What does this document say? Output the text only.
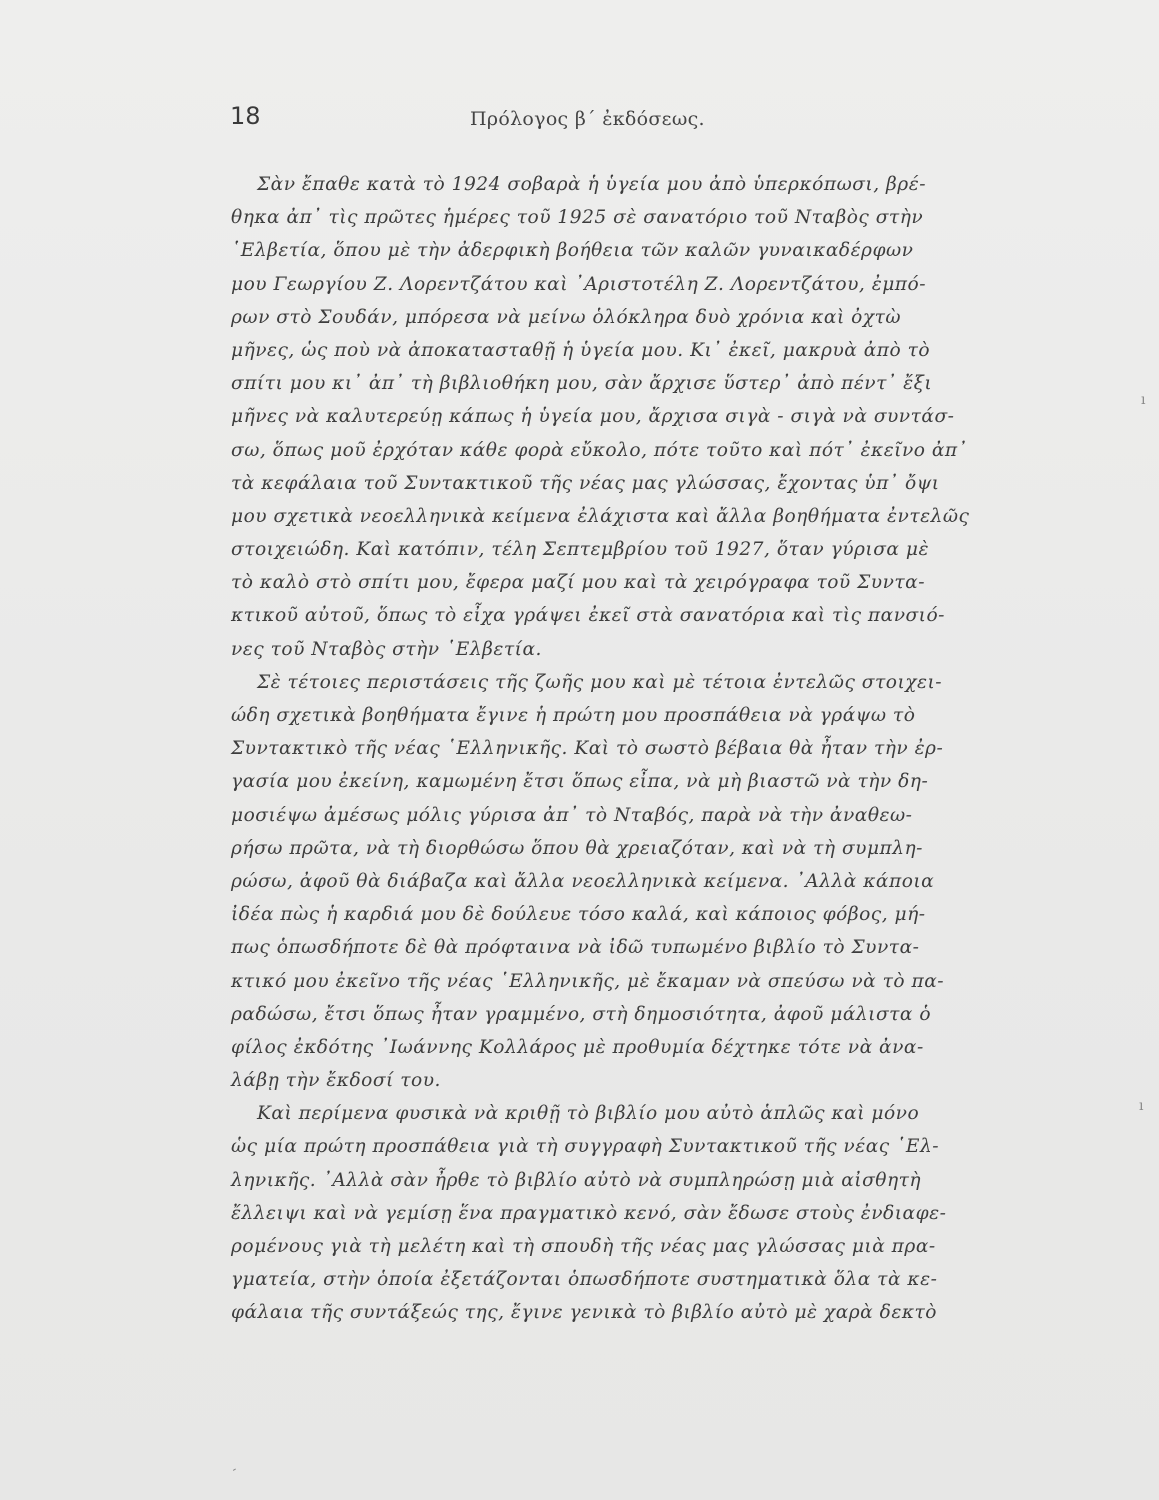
18	Πρόλογος β΄ ἐκδόσεως.
Σὰν ἔπαθε κατὰ τὸ 1924 σοβαρὰ ἡ ὑγεία μου ἀπὸ ὑπερκόπωσι, βρέ-
θηκα ἀπ᾿ τὶς πρῶτες ἡμέρες τοῦ 1925 σὲ σανατόριο τοῦ Νταβὸς στὴν
῾Ελβετία, ὅπου μὲ τὴν ἀδερφικὴ βοήθεια τῶν καλῶν γυναικαδέρφων
μου Γεωργίου Ζ. Λορεντζάτου καὶ ᾿Αριστοτέλη Ζ. Λορεντζάτου, ἐμπό-
ρων στὸ Σουδάν, μπόρεσα νὰ μείνω ὁλόκληρα δυὸ χρόνια καὶ ὀχτὼ
μῆνες, ὡς ποὺ νὰ ἀποκατασταθῇ ἡ ὑγεία μου. Κι᾿ ἐκεῖ, μακρυὰ ἀπὸ τὸ
σπίτι μου κι᾿ ἀπ᾿ τὴ βιβλιοθήκη μου, σὰν ἄρχισε ὕστερ᾿ ἀπὸ πέντ᾿ ἔξι
μῆνες νὰ καλυτερεύῃ κάπως ἡ ὑγεία μου, ἄρχισα σιγὰ - σιγὰ νὰ συντάσ-
σω, ὅπως μοῦ ἐρχόταν κάθε φορὰ εὔκολο, πότε τοῦτο καὶ πότ᾿ ἐκεῖνο ἀπ᾿
τὰ κεφάλαια τοῦ Συντακτικοῦ τῆς νέας μας γλώσσας, ἔχοντας ὑπ᾿ ὄψι
μου σχετικὰ νεοελληνικὰ κείμενα ἐλάχιστα καὶ ἄλλα βοηθήματα ἐντελῶς
στοιχειώδη. Καὶ κατόπιν, τέλη Σεπτεμβρίου τοῦ 1927, ὅταν γύρισα μὲ
τὸ καλὸ στὸ σπίτι μου, ἔφερα μαζί μου καὶ τὰ χειρόγραφα τοῦ Συντα-
κτικοῦ αὐτοῦ, ὅπως τὸ εἶχα γράψει ἐκεῖ στὰ σανατόρια καὶ τὶς πανσιό-
νες τοῦ Νταβὸς στὴν ῾Ελβετία.
Σὲ τέτοιες περιστάσεις τῆς ζωῆς μου καὶ μὲ τέτοια ἐντελῶς στοιχει-
ώδη σχετικὰ βοηθήματα ἔγινε ἡ πρώτη μου προσπάθεια νὰ γράψω τὸ
Συντακτικὸ τῆς νέας ῾Ελληνικῆς. Καὶ τὸ σωστὸ βέβαια θὰ ἦταν τὴν ἐρ-
γασία μου ἐκείνη, καμωμένη ἔτσι ὅπως εἶπα, νὰ μὴ βιαστῶ νὰ τὴν δη-
μοσιέψω ἀμέσως μόλις γύρισα ἀπ᾿ τὸ Νταβός, παρὰ νὰ τὴν ἀναθεω-
ρήσω πρῶτα, νὰ τὴ διορθώσω ὅπου θὰ χρειαζόταν, καὶ νὰ τὴ συμπλη-
ρώσω, ἀφοῦ θὰ διάβαζα καὶ ἄλλα νεοελληνικὰ κείμενα. ᾿Αλλὰ κάποια
ἰδέα πὼς ἡ καρδιά μου δὲ δούλευε τόσο καλά, καὶ κάποιος φόβος, μή-
πως ὁπωσδήποτε δὲ θὰ πρόφταινα νὰ ἰδῶ τυπωμένο βιβλίο τὸ Συντα-
κτικό μου ἐκεῖνο τῆς νέας ῾Ελληνικῆς, μὲ ἔκαμαν νὰ σπεύσω νὰ τὸ πα-
ραδώσω, ἔτσι ὅπως ἦταν γραμμένο, στὴ δημοσιότητα, ἀφοῦ μάλιστα ὁ
φίλος ἐκδότης ᾿Ιωάννης Κολλάρος μὲ προθυμία δέχτηκε τότε νὰ ἀνα-
λάβῃ τὴν ἔκδοσί του.
Καὶ περίμενα φυσικὰ νὰ κριθῇ τὸ βιβλίο μου αὐτὸ ἁπλῶς καὶ μόνο
ὡς μία πρώτη προσπάθεια γιὰ τὴ συγγραφὴ Συντακτικοῦ τῆς νέας ῾Ελ-
ληνικῆς. ᾿Αλλὰ σὰν ἦρθε τὸ βιβλίο αὐτὸ νὰ συμπληρώσῃ μιὰ αἰσθητὴ
ἔλλειψι καὶ νὰ γεμίσῃ ἕνα πραγματικὸ κενό, σὰν ἔδωσε στοὺς ἐνδιαφε-
ρομένους γιὰ τὴ μελέτη καὶ τὴ σπουδὴ τῆς νέας μας γλώσσας μιὰ πρα-
γματεία, στὴν ὁποία ἐξετάζονται ὁπωσδήποτε συστηματικὰ ὅλα τὰ κε-
φάλαια τῆς συντάξεώς της, ἔγινε γενικὰ τὸ βιβλίο αὐτὸ μὲ χαρὰ δεκτὸ
ı
ı
-
